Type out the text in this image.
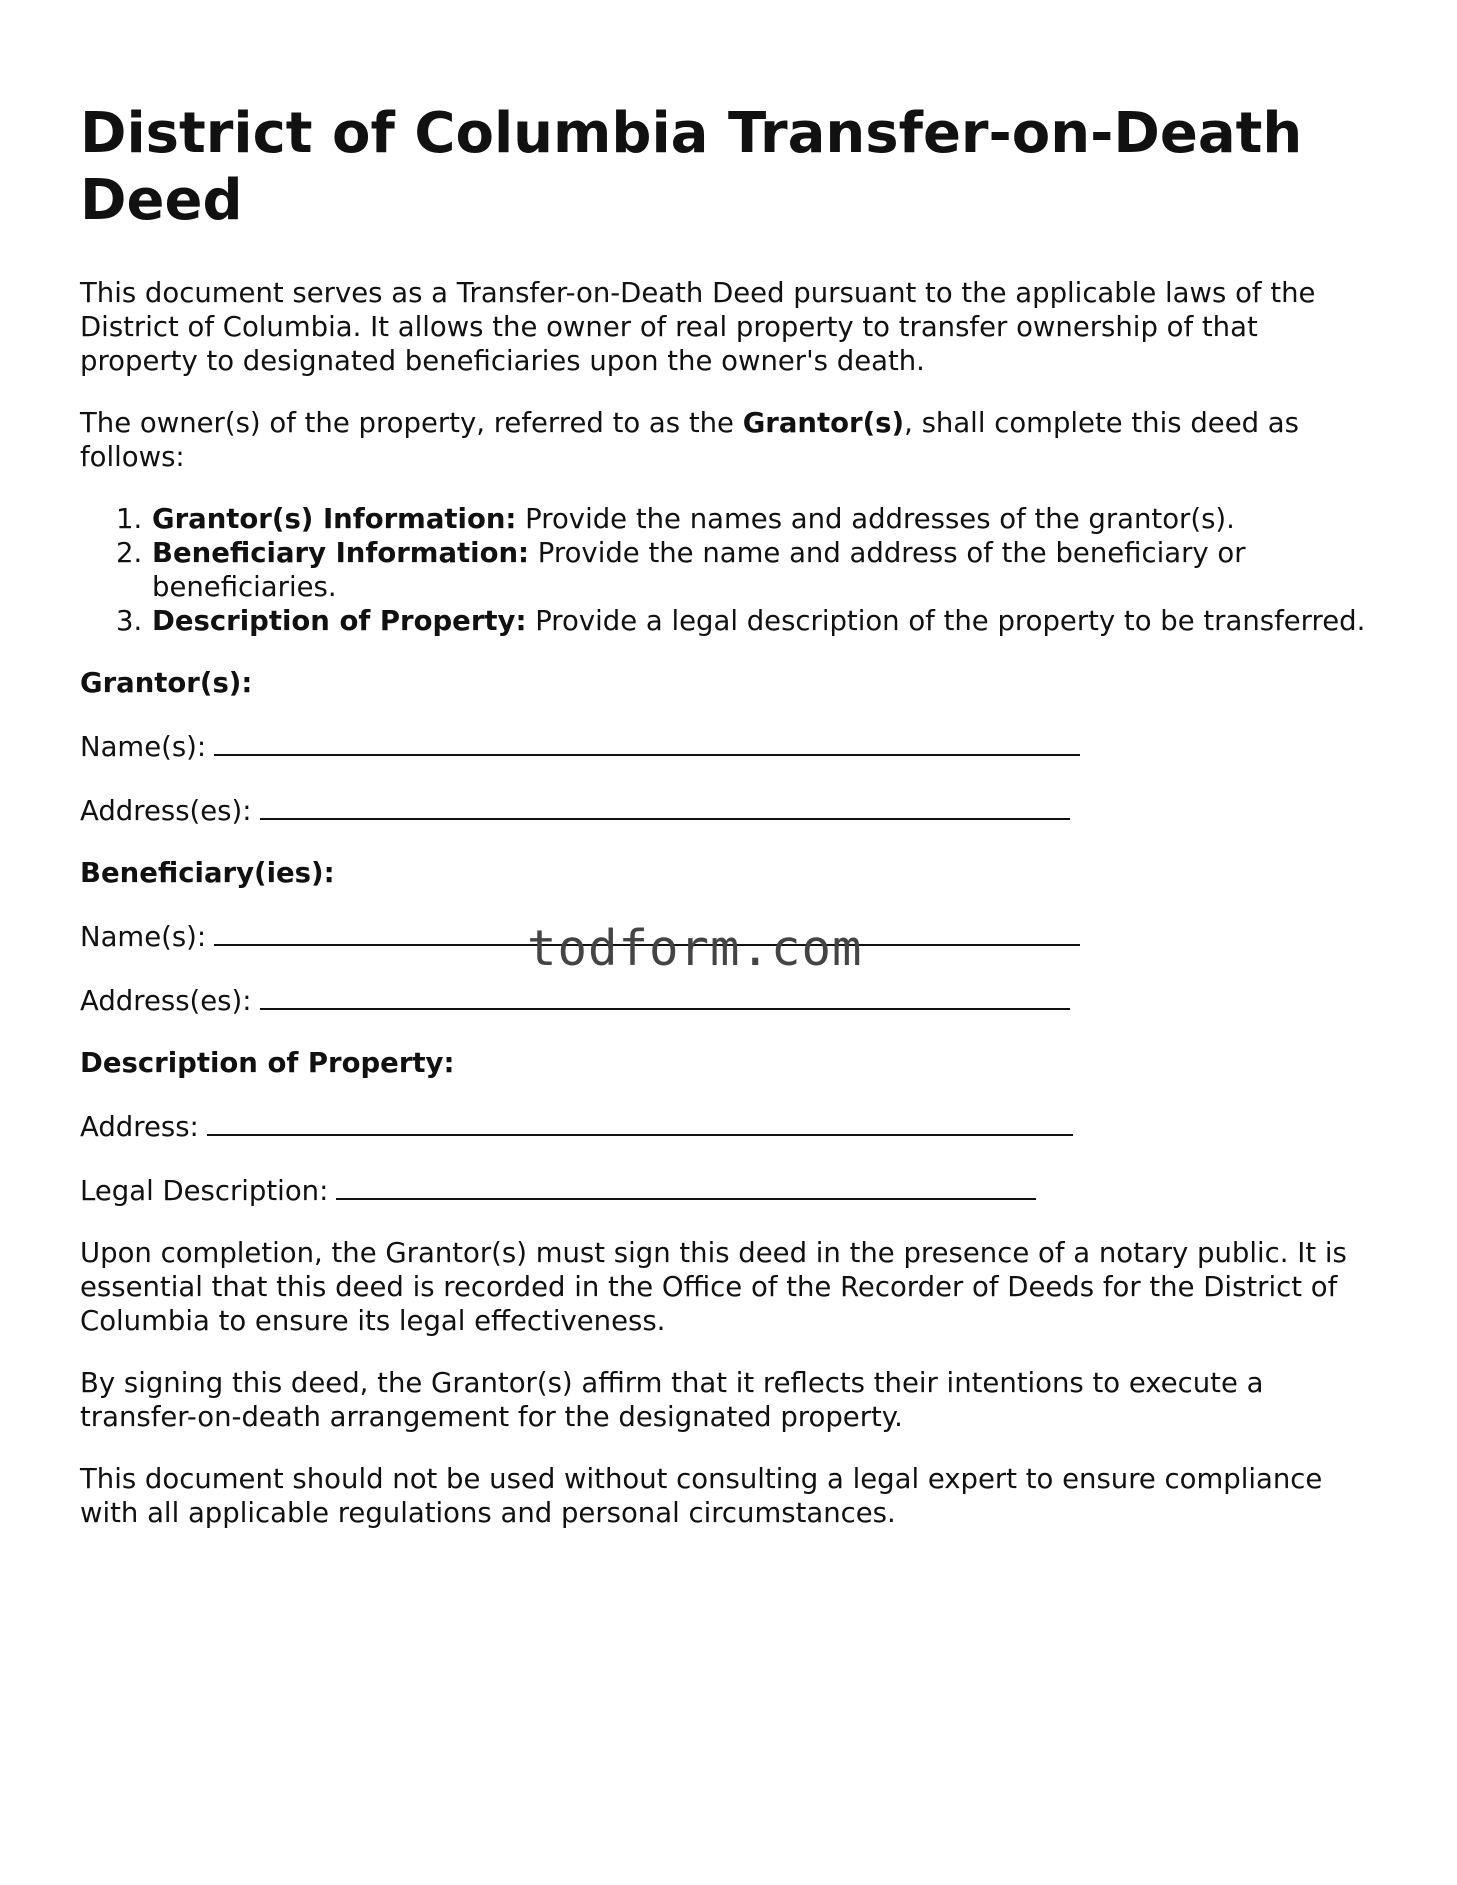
District of Columbia Transfer-on-Death Deed

This document serves as a Transfer-on-Death Deed pursuant to the applicable laws of the District of Columbia. It allows the owner of real property to transfer ownership of that property to designated beneficiaries upon the owner's death.

The owner(s) of the property, referred to as the Grantor(s), shall complete this deed as follows:

1. Grantor(s) Information: Provide the names and addresses of the grantor(s).
2. Beneficiary Information: Provide the name and address of the beneficiary or beneficiaries.
3. Description of Property: Provide a legal description of the property to be transferred.
Grantor(s):
Name(s):
Address(es):
Beneficiary(ies):
Name(s):
Address(es):
Description of Property:
Address:
Legal Description:

Upon completion, the Grantor(s) must sign this deed in the presence of a notary public. It is essential that this deed is recorded in the Office of the Recorder of Deeds for the District of Columbia to ensure its legal effectiveness.

By signing this deed, the Grantor(s) affirm that it reflects their intentions to execute a transfer-on-death arrangement for the designated property.

This document should not be used without consulting a legal expert to ensure compliance with all applicable regulations and personal circumstances.

todform.com
